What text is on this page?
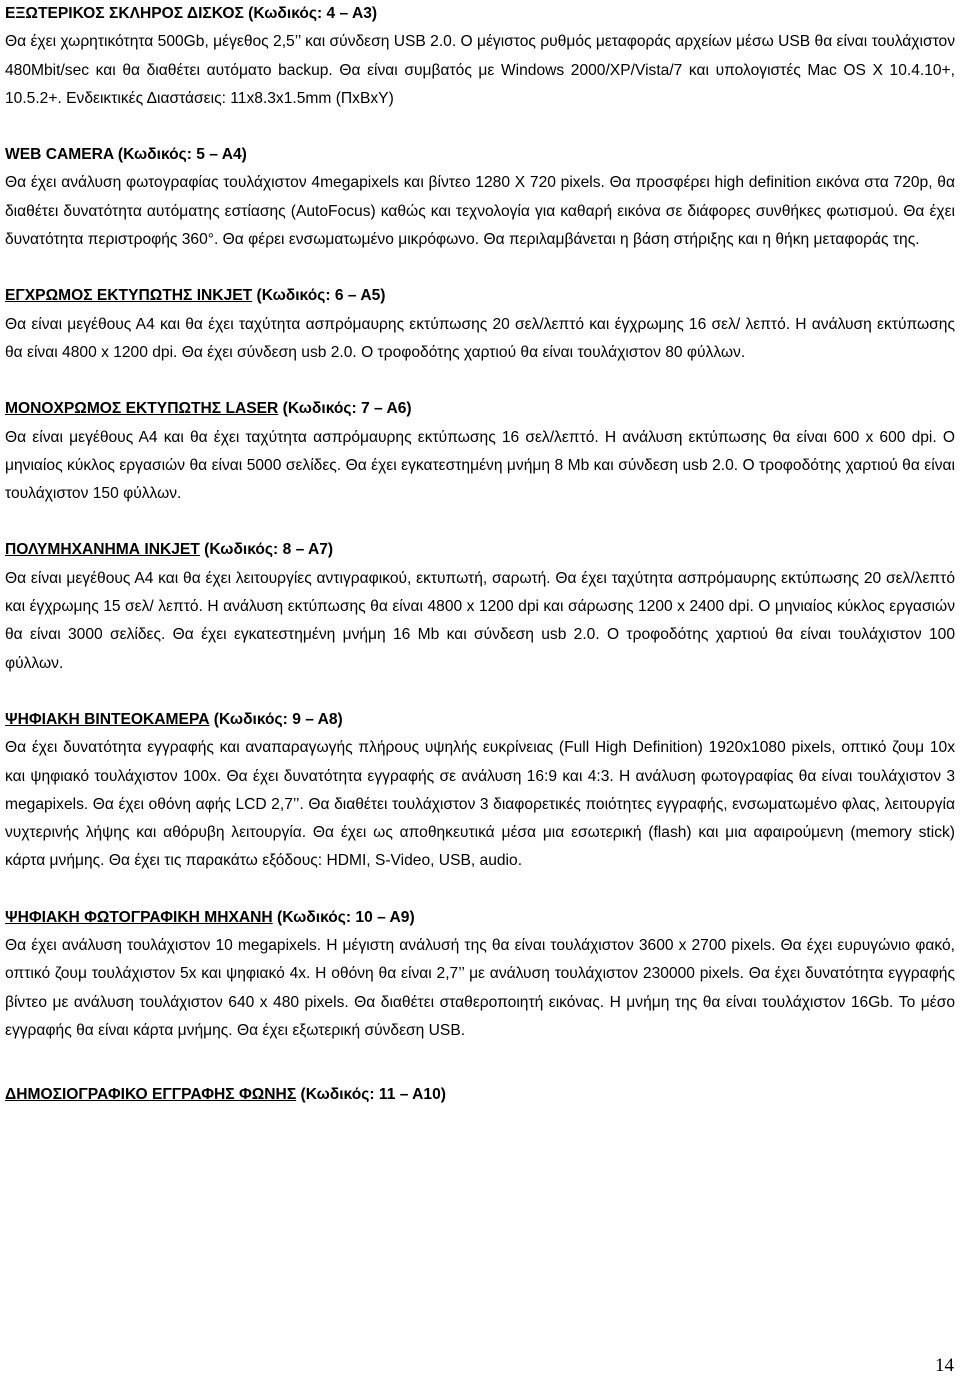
ΕΞΩΤΕΡΙΚΟΣ ΣΚΛΗΡΟΣ ΔΙΣΚΟΣ (Κωδικός: 4 – Α3)
Θα έχει χωρητικότητα 500Gb, μέγεθος 2,5’’ και σύνδεση USB 2.0. Ο μέγιστος ρυθμός μεταφοράς αρχείων μέσω USB θα είναι τουλάχιστον 480Mbit/sec και θα διαθέτει αυτόματο backup. Θα είναι συμβατός με Windows 2000/XP/Vista/7 και υπολογιστές Mac OS X 10.4.10+, 10.5.2+. Ενδεικτικές Διαστάσεις: 11x8.3x1.5mm (ΠxΒxΥ)
WEB CAMERA (Κωδικός: 5 – Α4)
Θα έχει ανάλυση φωτογραφίας τουλάχιστον 4megapixels και βίντεο 1280 Χ 720 pixels. Θα προσφέρει high definition εικόνα στα 720p, θα διαθέτει δυνατότητα αυτόματης εστίασης (AutoFocus) καθώς και τεχνολογία για καθαρή εικόνα σε διάφορες συνθήκες φωτισμού. Θα έχει δυνατότητα περιστροφής 360°. Θα φέρει ενσωματωμένο μικρόφωνο. Θα περιλαμβάνεται η βάση στήριξης και η θήκη μεταφοράς της.
ΕΓΧΡΩΜΟΣ ΕΚΤΥΠΩΤΗΣ INKJET (Κωδικός: 6 – Α5)
Θα είναι μεγέθους Α4 και θα έχει ταχύτητα ασπρόμαυρης εκτύπωσης 20 σελ/λεπτό και έγχρωμης 16 σελ/ λεπτό. Η ανάλυση εκτύπωσης θα είναι 4800 x 1200 dpi. Θα έχει σύνδεση usb 2.0. Ο τροφοδότης χαρτιού θα είναι τουλάχιστον 80 φύλλων.
ΜΟΝΟΧΡΩΜΟΣ ΕΚΤΥΠΩΤΗΣ LASER (Κωδικός: 7 – Α6)
Θα είναι μεγέθους Α4 και θα έχει ταχύτητα ασπρόμαυρης εκτύπωσης 16 σελ/λεπτό. Η ανάλυση εκτύπωσης θα είναι 600 x 600 dpi. Ο μηνιαίος κύκλος εργασιών θα είναι 5000 σελίδες. Θα έχει εγκατεστημένη μνήμη 8 Mb και σύνδεση usb 2.0. Ο τροφοδότης χαρτιού θα είναι τουλάχιστον 150 φύλλων.
ΠΟΛΥΜΗΧΑΝΗΜΑ INKJET (Κωδικός: 8 – Α7)
Θα είναι μεγέθους Α4 και θα έχει λειτουργίες αντιγραφικού, εκτυπωτή, σαρωτή. Θα έχει ταχύτητα ασπρόμαυρης εκτύπωσης 20 σελ/λεπτό και έγχρωμης 15 σελ/ λεπτό. Η ανάλυση εκτύπωσης θα είναι 4800 x 1200 dpi και σάρωσης 1200 x 2400 dpi. Ο μηνιαίος κύκλος εργασιών θα είναι 3000 σελίδες. Θα έχει εγκατεστημένη μνήμη 16 Mb και σύνδεση usb 2.0. Ο τροφοδότης χαρτιού θα είναι τουλάχιστον 100 φύλλων.
ΨΗΦΙΑΚΗ ΒΙΝΤΕΟΚΑΜΕΡΑ (Κωδικός: 9 – Α8)
Θα έχει δυνατότητα εγγραφής και αναπαραγωγής πλήρους υψηλής ευκρίνειας (Full High Definition) 1920x1080 pixels, οπτικό ζουμ 10x και ψηφιακό τουλάχιστον 100x. Θα έχει δυνατότητα εγγραφής σε ανάλυση 16:9 και 4:3. Η ανάλυση φωτογραφίας θα είναι τουλάχιστον 3 megapixels. Θα έχει οθόνη αφής LCD 2,7’’. Θα διαθέτει τουλάχιστον 3 διαφορετικές ποιότητες εγγραφής, ενσωματωμένο φλας, λειτουργία νυχτερινής λήψης και αθόρυβη λειτουργία. Θα έχει ως αποθηκευτικά μέσα μια εσωτερική (flash) και μια αφαιρούμενη (memory stick) κάρτα μνήμης. Θα έχει τις παρακάτω εξόδους: HDMI, S-Video, USB, audio.
ΨΗΦΙΑΚΗ ΦΩΤΟΓΡΑΦΙΚΗ ΜΗΧΑΝΗ (Κωδικός: 10 – Α9)
Θα έχει ανάλυση τουλάχιστον 10 megapixels. Η μέγιστη ανάλυσή της θα είναι τουλάχιστον 3600 x 2700 pixels. Θα έχει ευρυγώνιο φακό, οπτικό ζουμ τουλάχιστον 5x και ψηφιακό 4x. Η οθόνη θα είναι 2,7’’ με ανάλυση τουλάχιστον 230000 pixels. Θα έχει δυνατότητα εγγραφής βίντεο με ανάλυση τουλάχιστον 640 x 480 pixels. Θα διαθέτει σταθεροποιητή εικόνας. Η μνήμη της θα είναι τουλάχιστον 16Gb. Το μέσο εγγραφής θα είναι κάρτα μνήμης. Θα έχει εξωτερική σύνδεση USB.
ΔΗΜΟΣΙΟΓΡΑΦΙΚΟ ΕΓΓΡΑΦΗΣ ΦΩΝΗΣ (Κωδικός: 11 – Α10)
14
